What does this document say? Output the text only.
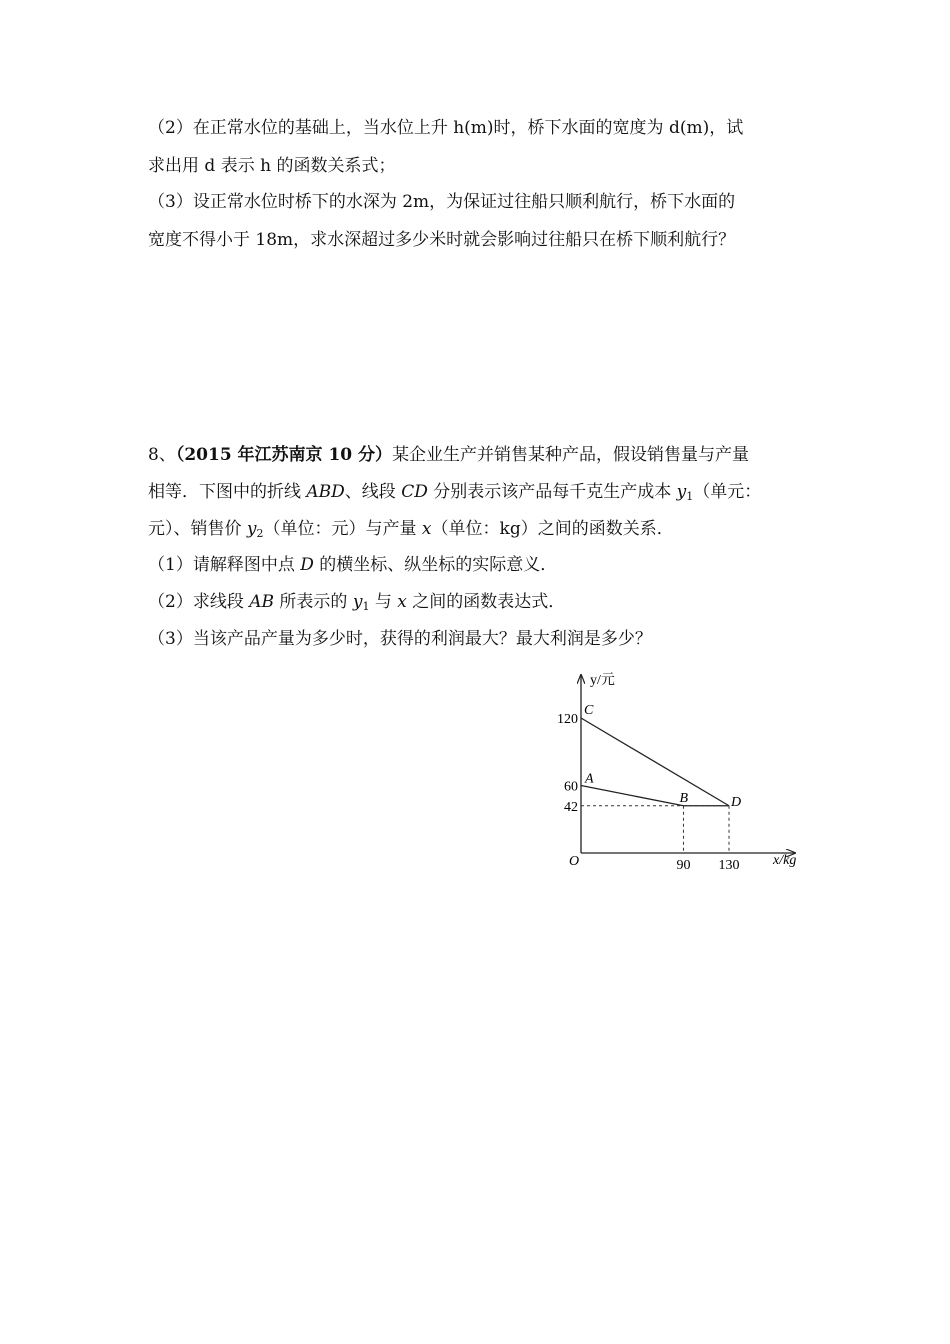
（2）在正常水位的基础上，当水位上升 h(m)时，桥下水面的宽度为 d(m)，试
求出用 d 表示 h 的函数关系式；
（3）设正常水位时桥下的水深为 2m，为保证过往船只顺利航行，桥下水面的
宽度不得小于 18m，求水深超过多少米时就会影响过往船只在桥下顺利航行？
8、（2015 年江苏南京 10 分）某企业生产并销售某种产品，假设销售量与产量
相等．下图中的折线 ABD、线段 CD 分别表示该产品每千克生产成本 $y_1$（单元：
元）、销售价 $y_2$（单位：元）与产量 x（单位：kg）之间的函数关系．
（1）请解释图中点 D 的横坐标、纵坐标的实际意义．
（2）求线段 AB 所表示的 $y_1$ 与 x 之间的函数表达式．
（3）当该产品产量为多少时，获得的利润最大？最大利润是多少？
y/元
x/kg
O
120
60
42
90 130
C
A
B	D
